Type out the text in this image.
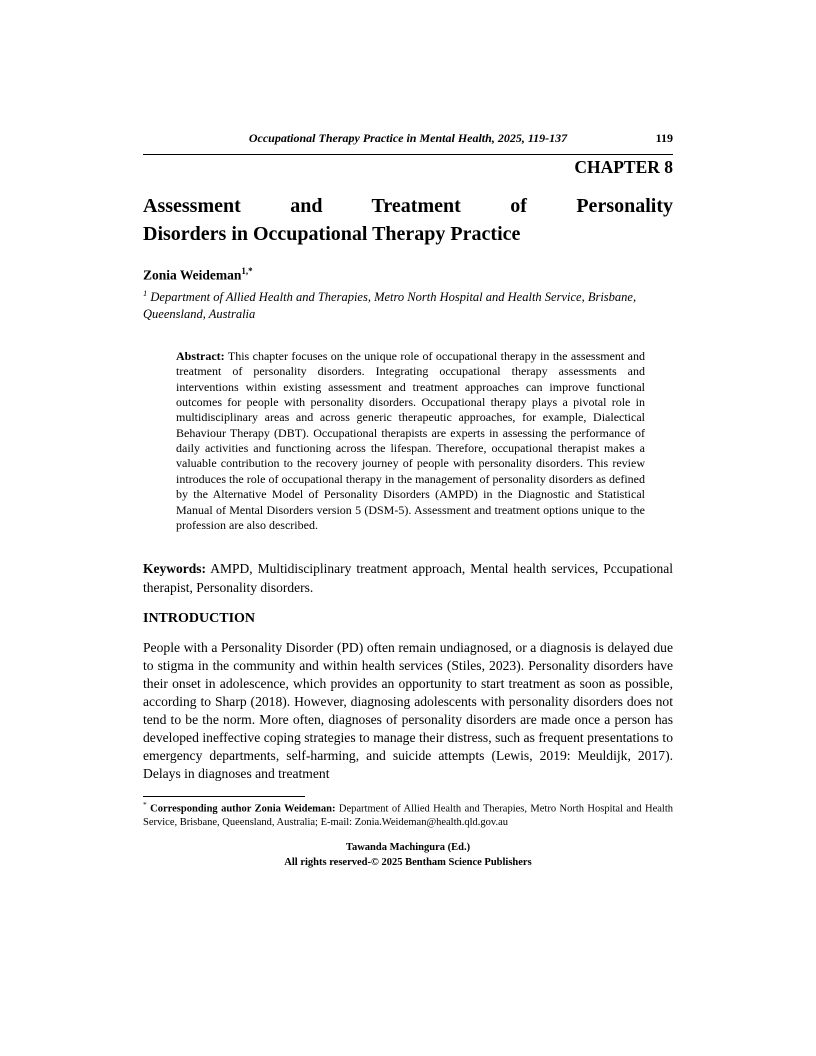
Occupational Therapy Practice in Mental Health, 2025, 119-137	119
CHAPTER 8
Assessment and Treatment of Personality
Disorders in Occupational Therapy Practice
Zonia Weideman$^{1,*}$
$^1$ Department of Allied Health and Therapies, Metro North Hospital and Health Service, Brisbane, Queensland, Australia
Abstract: This chapter focuses on the unique role of occupational therapy in the assessment and treatment of personality disorders. Integrating occupational therapy assessments and interventions within existing assessment and treatment approaches can improve functional outcomes for people with personality disorders. Occupational therapy plays a pivotal role in multidisciplinary areas and across generic therapeutic approaches, for example, Dialectical Behaviour Therapy (DBT). Occupational therapists are experts in assessing the performance of daily activities and functioning across the lifespan. Therefore, occupational therapist makes a valuable contribution to the recovery journey of people with personality disorders. This review introduces the role of occupational therapy in the management of personality disorders as defined by the Alternative Model of Personality Disorders (AMPD) in the Diagnostic and Statistical Manual of Mental Disorders version 5 (DSM-5). Assessment and treatment options unique to the profession are also described.
Keywords: AMPD, Multidisciplinary treatment approach, Mental health services, Pccupational therapist, Personality disorders.
INTRODUCTION

People with a Personality Disorder (PD) often remain undiagnosed, or a diagnosis is delayed due to stigma in the community and within health services (Stiles, 2023). Personality disorders have their onset in adolescence, which provides an opportunity to start treatment as soon as possible, according to Sharp (2018). However, diagnosing adolescents with personality disorders does not tend to be the norm. More often, diagnoses of personality disorders are made once a person has developed ineffective coping strategies to manage their distress, such as frequent presentations to emergency departments, self-harming, and suicide attempts (Lewis, 2019: Meuldijk, 2017). Delays in diagnoses and treatment

* Corresponding author Zonia Weideman: Department of Allied Health and Therapies, Metro North Hospital and Health Service, Brisbane, Queensland, Australia; E-mail: Zonia.Weideman@health.qld.gov.au
Tawanda Machingura (Ed.)
All rights reserved-© 2025 Bentham Science Publishers
